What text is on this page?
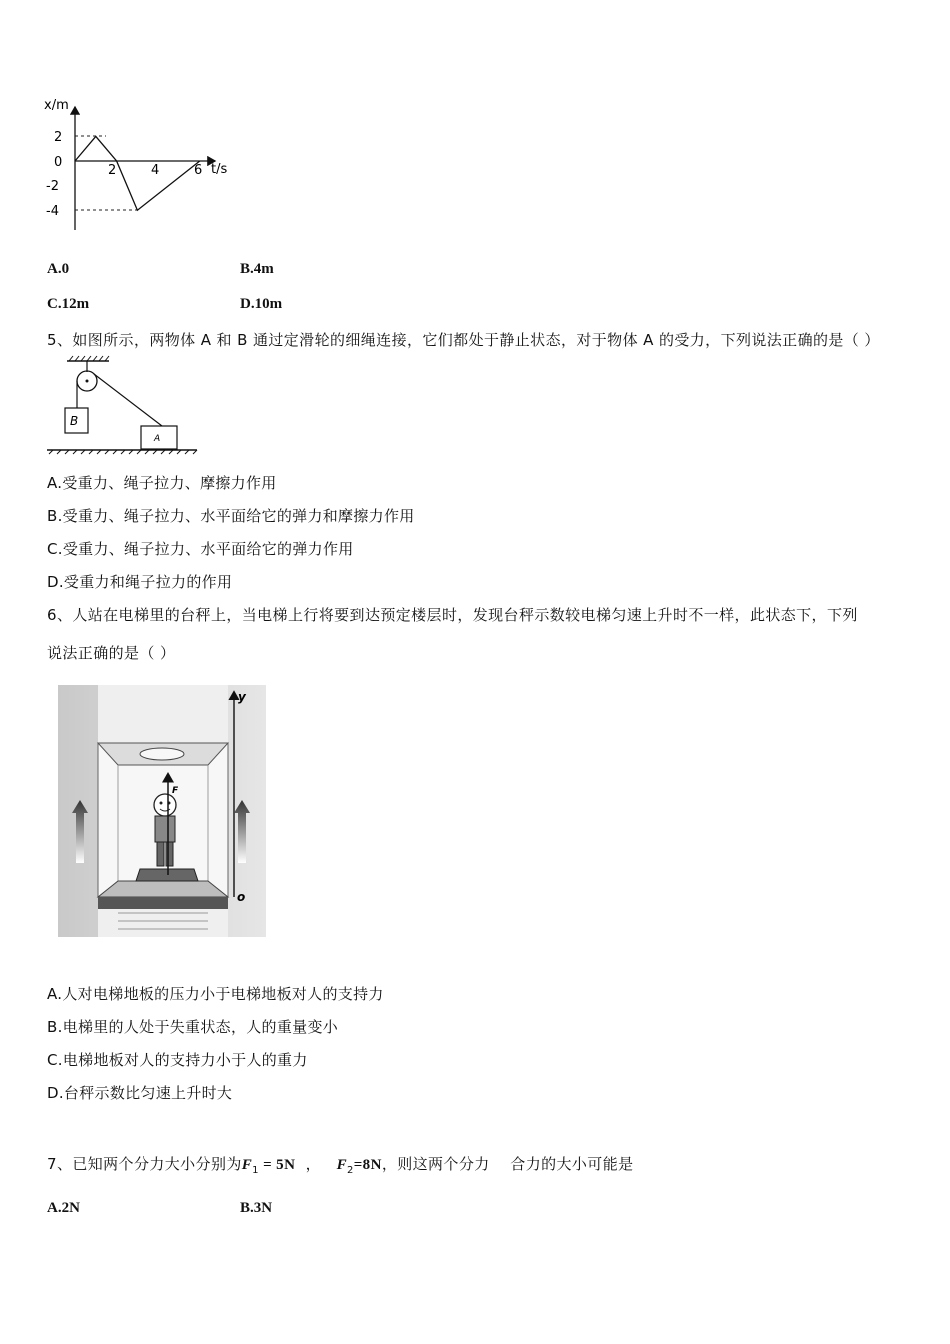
x/m
t/s
2
0
-2
-4
2	4	6
A.0	B.4m
C.12m	D.10m
5、如图所示，两物体 A 和 B 通过定滑轮的细绳连接，它们都处于静止状态，对于物体 A 的受力，下列说法正确的是（ ）
B
A
A.受重力、绳子拉力、摩擦力作用
B.受重力、绳子拉力、水平面给它的弹力和摩擦力作用
C.受重力、绳子拉力、水平面给它的弹力作用
D.受重力和绳子拉力的作用
6、人站在电梯里的台秤上，当电梯上行将要到达预定楼层时，发现台秤示数较电梯匀速上升时不一样，此状态下，下列
说法正确的是（ ）
F
y
o
A.人对电梯地板的压力小于电梯地板对人的支持力
B.电梯里的人处于失重状态，人的重量变小
C.电梯地板对人的支持力小于人的重力
D.台秤示数比匀速上升时大
7、已知两个分力大小分别为$F_1 = 5N$  ，   $F_2=8N$，则这两个分力    合力的大小可能是
A.2N	B.3N
